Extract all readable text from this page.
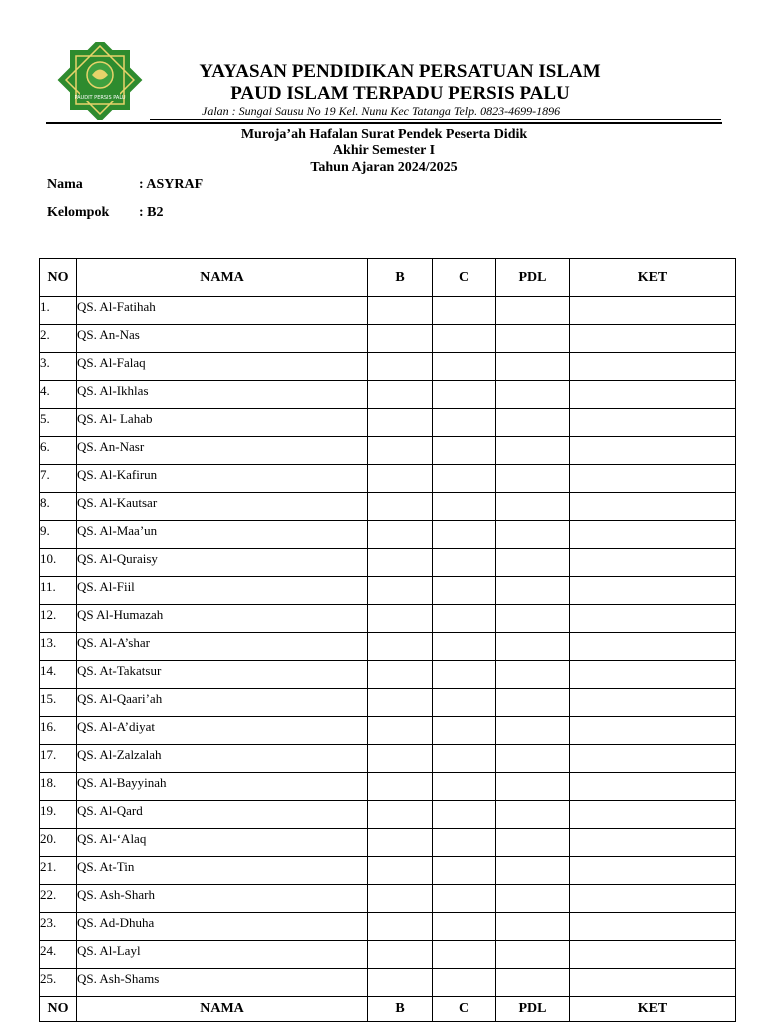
PAUDIT PERSIS PALU
YAYASAN PENDIDIKAN PERSATUAN ISLAM
PAUD ISLAM TERPADU PERSIS PALU
Jalan : Sungai Sausu No 19 Kel. Nunu Kec Tatanga Telp. 0823-4699-1896
Muroja’ah Hafalan Surat Pendek Peserta Didik
Akhir Semester I
Tahun Ajaran 2024/2025
Nama	: ASYRAF
Kelompok : B2
NO	NAMA	B	C	PDL	KET
1.	QS. Al-Fatihah				
2.	QS. An-Nas				
3.	QS. Al-Falaq				
4.	QS. Al-Ikhlas				
5.	QS. Al- Lahab				
6.	QS. An-Nasr				
7.	QS. Al-Kafirun				
8.	QS. Al-Kautsar				
9.	QS. Al-Maa’un				
10.	QS. Al-Quraisy				
11.	QS. Al-Fiil				
12.	QS Al-Humazah				
13.	QS. Al-A’shar				
14.	QS. At-Takatsur				
15.	QS. Al-Qaari’ah				
16.	QS. Al-A’diyat				
17.	QS. Al-Zalzalah				
18.	QS. Al-Bayyinah				
19.	QS. Al-Qard				
20.	QS. Al-‘Alaq				
21.	QS. At-Tin				
22.	QS. Ash-Sharh				
23.	QS. Ad-Dhuha				
24.	QS. Al-Layl				
25.	QS. Ash-Shams				
NO	NAMA	B	C	PDL	KET
